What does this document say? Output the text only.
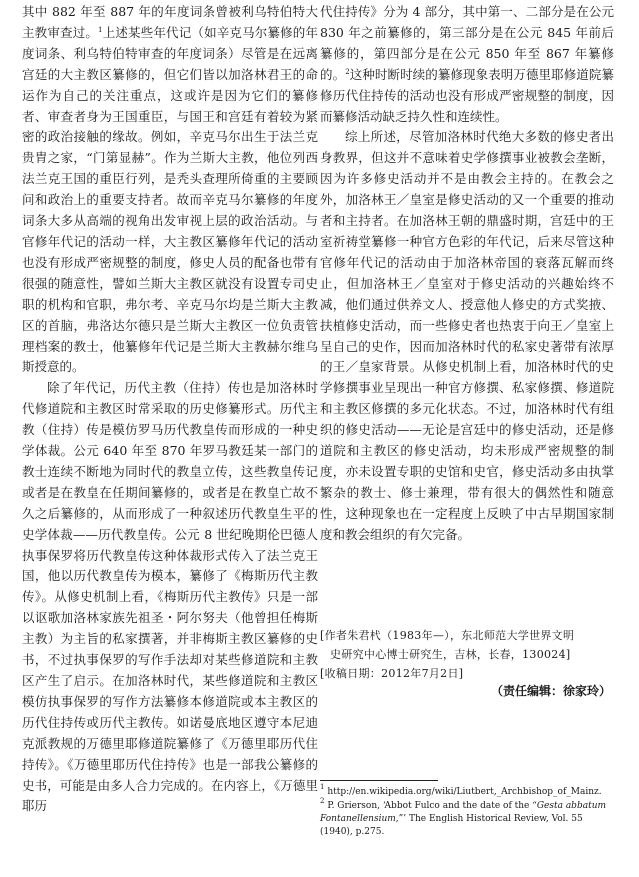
其中 882 年至 887 年的年度词条曾被利乌特伯特大主教审查过。$^1$上述某些年代记（如辛克马尔纂修的年度词条、利乌特伯特审查的年度词条）尽管是在远离宫廷的大主教区纂修的，但它们皆以加洛林君王的命运作为自己的关注重点，这或许是因为它们的纂修者、审查者身为王国重臣，与国王和宫廷有着较为紧密的政治接触的缘故。例如，辛克马尔出生于法兰克贵胄之家，“门第显赫”。作为兰斯大主教，他位列西法兰克王国的重臣行列，是秃头查理所倚重的主要顾问和政治上的重要支持者。故而辛克马尔纂修的年度词条大多从高端的视角出发审视上层的政治活动。与官修年代记的活动一样，大主教区纂修年代记的活动也没有形成严密规整的制度，修史人员的配备也带有很强的随意性，譬如兰斯大主教区就没有设置专司史职的机构和官职，弗尔考、辛克马尔均是兰斯大主教区的首脑，弗洛达尔德只是兰斯大主教区一位负责管理档案的教士，他纂修年代记是兰斯大主教赫尔维乌斯授意的。

除了年代记，历代主教（住持）传也是加洛林时代修道院和主教区时常采取的历史修纂形式。历代主教（住持）传是模仿罗马历代教皇传而形成的一种史学体裁。公元 640 年至 870 年罗马教廷某一部门的教士连续不断地为同时代的教皇立传，这些教皇传记或者是在教皇在任期间纂修的，或者是在教皇亡故不久之后纂修的，从而形成了一种叙述历代教皇生平的史学体裁——历代教皇传。公元 8 世纪晚期伦巴德人执事保罗将历代教皇传这种体裁形式传入了法兰克王国，他以历代教皇传为模本，纂修了《梅斯历代主教传》。从修史机制上看，《梅斯历代主教传》只是一部以讴歌加洛林家族先祖圣・阿尔努夫（他曾担任梅斯主教）为主旨的私家撰著，并非梅斯主教区纂修的史书，不过执事保罗的写作手法却对某些修道院和主教区产生了启示。在加洛林时代，某些修道院和主教区模仿执事保罗的写作方法纂修本修道院或本主教区的历代住持传或历代主教传。如诺曼底地区遵守本尼迪克派教规的万德里耶修道院纂修了《万德里耶历代住持传》。《万德里耶历代住持传》也是一部我公纂修的史书，可能是由多人合力完成的。在内容上，《万德里耶历

代住持传》分为 4 部分，其中第一、二部分是在公元 830 年之前纂修的，第三部分是在公元 845 年前后纂修的，第四部分是在公元 850 年至 867 年纂修的。$^2$这种时断时续的纂修现象表明万德里耶修道院纂修历代住持传的活动也没有形成严密规整的制度，因而纂修活动缺乏持久性和连续性。

综上所述，尽管加洛林时代绝大多数的修史者出身教界，但这并不意味着史学修撰事业被教会垄断，因为许多修史活动并不是由教会主持的。在教会之外，加洛林王／皇室是修史活动的又一个重要的推动者和主持者。在加洛林王朝的鼎盛时期，宫廷中的王室祈祷堂纂修一种官方色彩的年代记，后来尽管这种官修年代记的活动由于加洛林帝国的衰落瓦解而终止，但加洛林王／皇室对于修史活动的兴趣始终不减，他们通过供养文人、授意他人修史的方式奖掖、扶植修史活动，而一些修史者也热衷于向王／皇室上呈自己的史作，因而加洛林时代的私家史著带有浓厚的王／皇家背景。从修史机制上看，加洛林时代的史学修撰事业呈现出一种官方修撰、私家修撰、修道院和主教区修撰的多元化状态。不过，加洛林时代有组织的修史活动——无论是宫廷中的修史活动，还是修道院和主教区的修史活动，均未形成严密规整的制度，亦未设置专职的史馆和史官，修史活动多由执掌繁杂的教士、修士兼理，带有很大的偶然性和随意性，这种现象也在一定程度上反映了中古早期国家制度和教会组织的有欠完备。

[作者朱君杙（1983年—），东北师范大学世界文明
史研究中心博士研究生，吉林，长春，130024]
[收稿日期：2012年7月2日]
（责任编辑：徐家玲）
$^1$ http://en.wikipedia.org/wiki/Liutbert,_Archbishop_of_Mainz.
$^2$ P. Grierson, ‘Abbot Fulco and the date of the “Gesta abbatum Fontanellensium,”’ The English Historical Review, Vol. 55 (1940), p.275.
